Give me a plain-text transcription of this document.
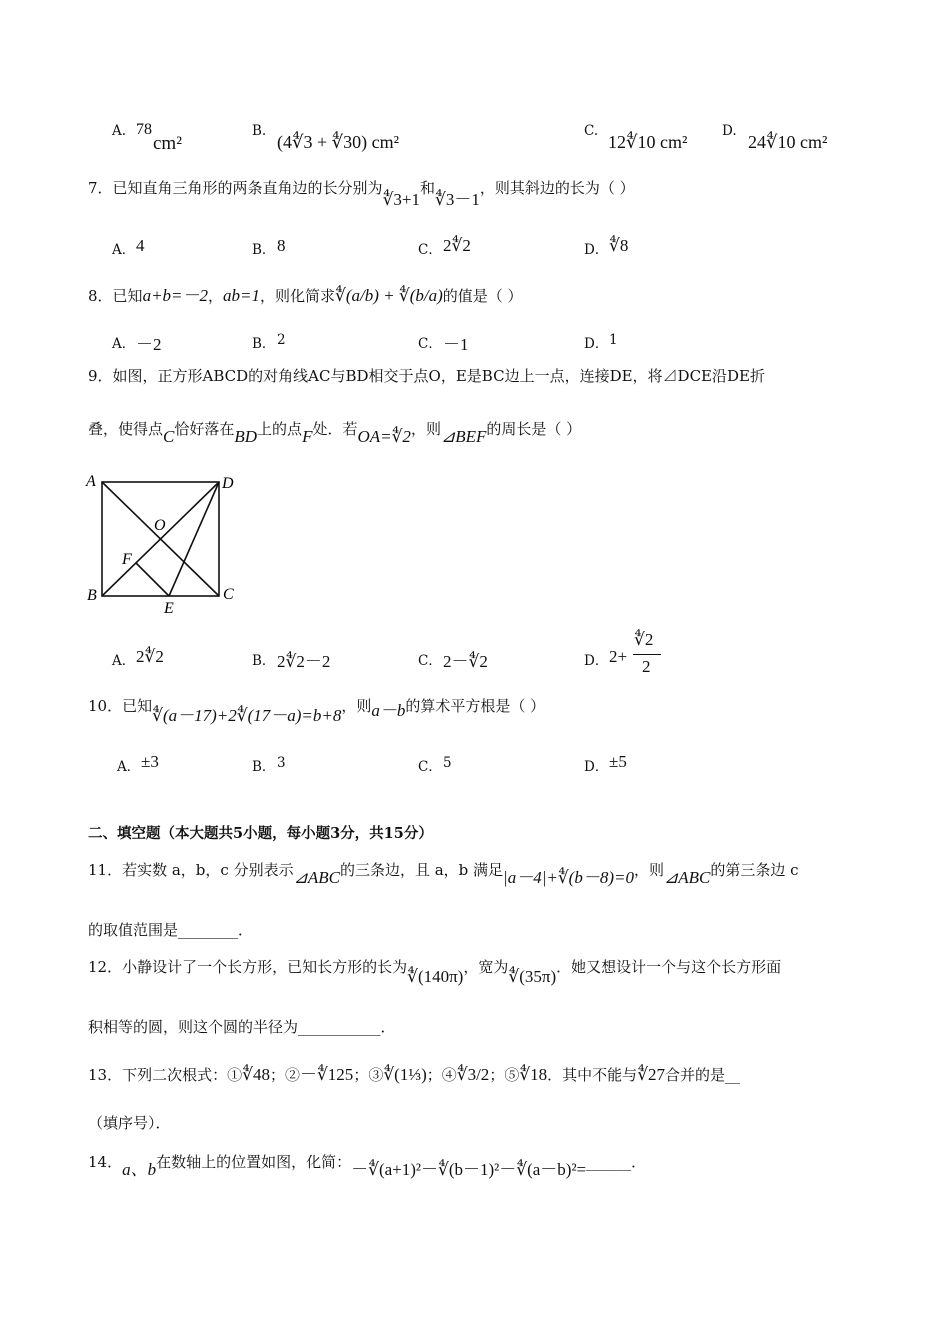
A. 78
cm²
B.
(4∜3 + ∜30) cm²
C.
12∜10 cm²
D.
24∜10 cm²
7．已知直角三角形的两条直角边的长分别为∜3+1和∜3－1，则其斜边的长为（ ）
A． 4	B． 8	C． 2∜2	D． ∜8
8．已知a+b=－2，ab=1，则化简求∜(a/b) + ∜(b/a)的值是（ ）
A． －2	B． 2	C． －1	D． 1
9．如图，正方形ABCD的对角线AC与BD相交于点O，E是BC边上一点，连接DE，将⊿DCE沿DE折
叠，使得点C恰好落在BD上的点F处．若OA=∜2，则⊿BEF的周长是（ ）
A	D
O
F
B
E
C
A． 2∜2	B． 2∜2－2	C． 2－∜2	D． 2+
∜2
2
10．已知∜(a－17)+2∜(17－a)=b+8，则a－b的算术平方根是（ ）
A． ±3	B． 3	C． 5	D． ±5
二、填空题（本大题共5小题，每小题3分，共15分）
11．若实数 a，b，c 分别表示⊿ABC的三条边，且 a，b 满足|a－4|+∜(b－8)=0，则⊿ABC的第三条边 c
的取值范围是________．
12．小静设计了一个长方形，已知长方形的长为∜(140π)，宽为∜(35π)．她又想设计一个与这个长方形面
积相等的圆，则这个圆的半径为___________．
13．下列二次根式：①∜48；②－∜125；③∜(1⅓)；④∜3/2；⑤∜18．其中不能与∜27合并的是__
（填序号）．
14．a、b在数轴上的位置如图，化简：－∜(a+1)²－∜(b－1)²－∜(a－b)²=______．
